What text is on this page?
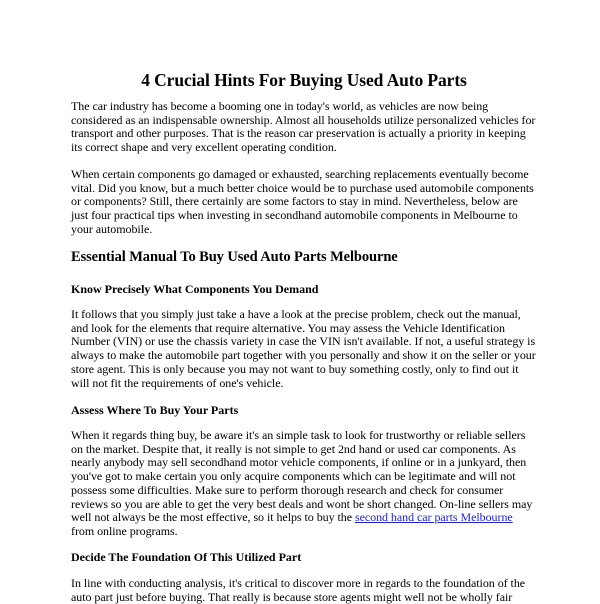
4 Crucial Hints For Buying Used Auto Parts

The car industry has become a booming one in today's world, as vehicles are now being considered as an indispensable ownership. Almost all households utilize personalized vehicles for transport and other purposes. That is the reason car preservation is actually a priority in keeping its correct shape and very excellent operating condition.

When certain components go damaged or exhausted, searching replacements eventually become vital. Did you know, but a much better choice would be to purchase used automobile components or components? Still, there certainly are some factors to stay in mind. Nevertheless, below are just four practical tips when investing in secondhand automobile components in Melbourne to your automobile.

Essential Manual To Buy Used Auto Parts Melbourne
Know Precisely What Components You Demand

It follows that you simply just take a have a look at the precise problem, check out the manual, and look for the elements that require alternative. You may assess the Vehicle Identification Number (VIN) or use the chassis variety in case the VIN isn't available. If not, a useful strategy is always to make the automobile part together with you personally and show it on the seller or your store agent. This is only because you may not want to buy something costly, only to find out it will not fit the requirements of one's vehicle.

Assess Where To Buy Your Parts

When it regards thing buy, be aware it's an simple task to look for trustworthy or reliable sellers on the market. Despite that, it really is not simple to get 2nd hand or used car components. As nearly anybody may sell secondhand motor vehicle components, if online or in a junkyard, then you've got to make certain you only acquire components which can be legitimate and will not possess some difficulties. Make sure to perform thorough research and check for consumer reviews so you are able to get the very best deals and wont be short changed. On-line sellers may well not always be the most effective, so it helps to buy the second hand car parts Melbourne from online programs.

Decide The Foundation Of This Utilized Part

In line with conducting analysis, it's critical to discover more in regards to the foundation of the auto part just before buying. That really is because store agents might well not be wholly fair
